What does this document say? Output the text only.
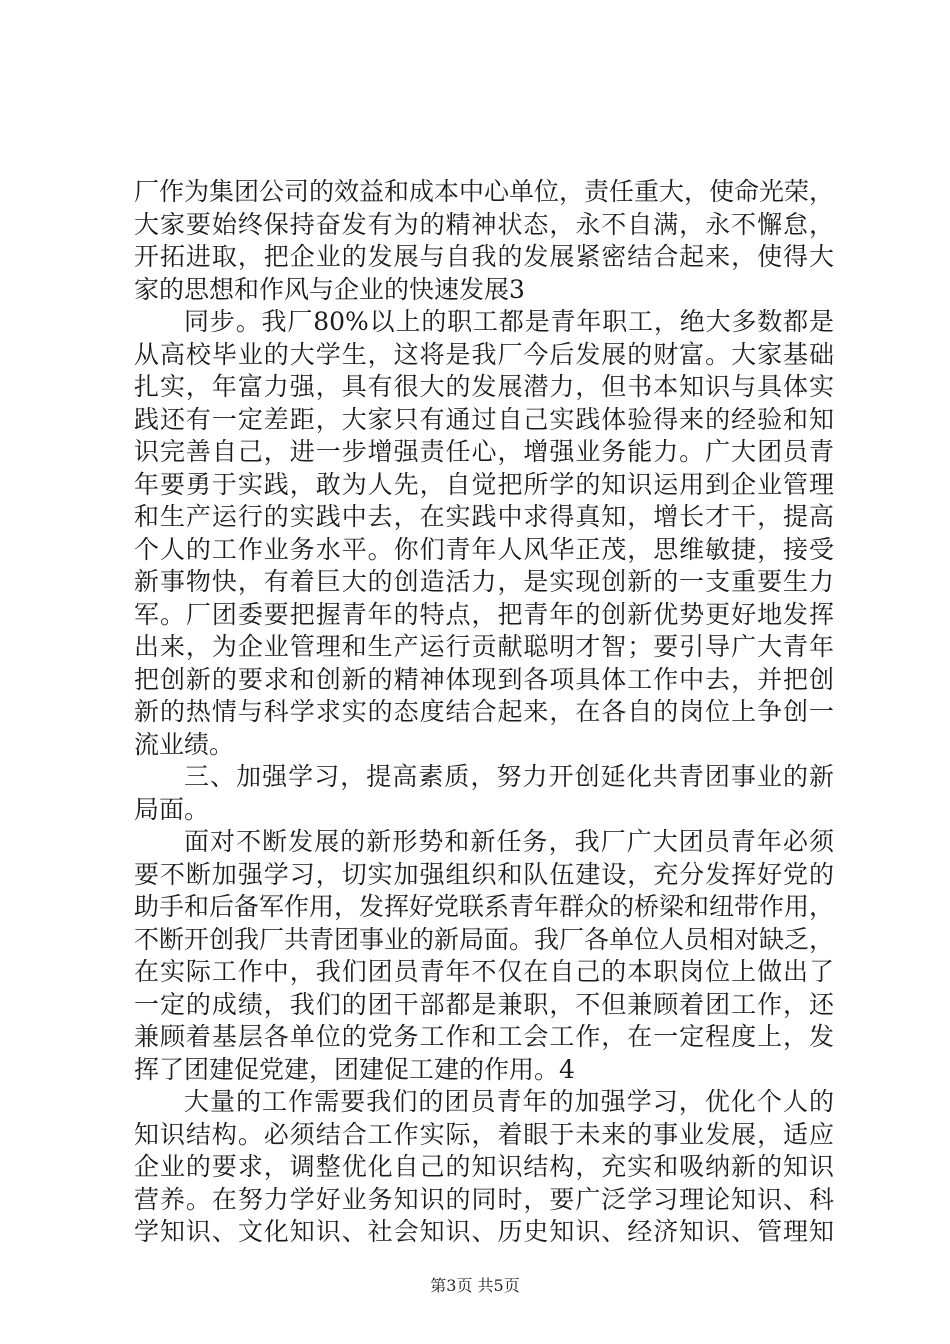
厂作为集团公司的效益和成本中心单位，责任重大，使命光荣，
大家要始终保持奋发有为的精神状态，永不自满，永不懈怠，
开拓进取，把企业的发展与自我的发展紧密结合起来，使得大
家的思想和作风与企业的快速发展3
同步。我厂80%以上的职工都是青年职工，绝大多数都是
从高校毕业的大学生，这将是我厂今后发展的财富。大家基础
扎实，年富力强，具有很大的发展潜力，但书本知识与具体实
践还有一定差距，大家只有通过自己实践体验得来的经验和知
识完善自己，进一步增强责任心，增强业务能力。广大团员青
年要勇于实践，敢为人先，自觉把所学的知识运用到企业管理
和生产运行的实践中去，在实践中求得真知，增长才干，提高
个人的工作业务水平。你们青年人风华正茂，思维敏捷，接受
新事物快，有着巨大的创造活力，是实现创新的一支重要生力
军。厂团委要把握青年的特点，把青年的创新优势更好地发挥
出来，为企业管理和生产运行贡献聪明才智；要引导广大青年
把创新的要求和创新的精神体现到各项具体工作中去，并把创
新的热情与科学求实的态度结合起来，在各自的岗位上争创一
流业绩。
三、加强学习，提高素质，努力开创延化共青团事业的新
局面。
面对不断发展的新形势和新任务，我厂广大团员青年必须
要不断加强学习，切实加强组织和队伍建设，充分发挥好党的
助手和后备军作用，发挥好党联系青年群众的桥梁和纽带作用，
不断开创我厂共青团事业的新局面。我厂各单位人员相对缺乏，
在实际工作中，我们团员青年不仅在自己的本职岗位上做出了
一定的成绩，我们的团干部都是兼职，不但兼顾着团工作，还
兼顾着基层各单位的党务工作和工会工作，在一定程度上，发
挥了团建促党建，团建促工建的作用。4
大量的工作需要我们的团员青年的加强学习，优化个人的
知识结构。必须结合工作实际，着眼于未来的事业发展，适应
企业的要求，调整优化自己的知识结构，充实和吸纳新的知识
营养。在努力学好业务知识的同时，要广泛学习理论知识、科
学知识、文化知识、社会知识、历史知识、经济知识、管理知
第3页 共5页
